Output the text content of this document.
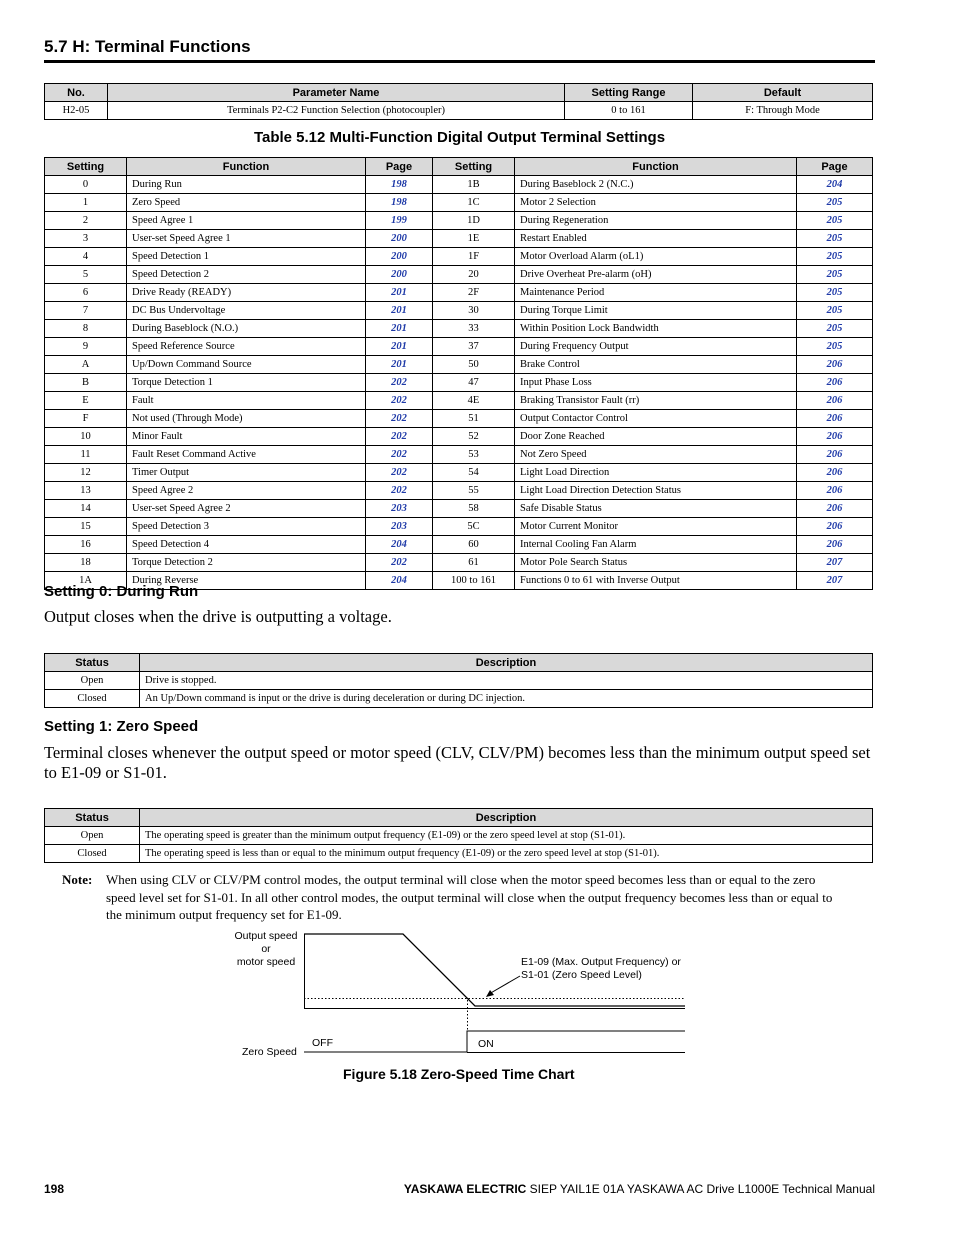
5.7 H: Terminal Functions
No.	Parameter Name	Setting Range	Default
H2-05	Terminals P2-C2 Function Selection (photocoupler)	0 to 161	F: Through Mode
Table 5.12 Multi-Function Digital Output Terminal Settings
Setting	Function	Page	Setting	Function	Page
0	During Run	198	1B	During Baseblock 2 (N.C.)	204
1	Zero Speed	198	1C	Motor 2 Selection	205
2	Speed Agree 1	199	1D	During Regeneration	205
3	User-set Speed Agree 1	200	1E	Restart Enabled	205
4	Speed Detection 1	200	1F	Motor Overload Alarm (oL1)	205
5	Speed Detection 2	200	20	Drive Overheat Pre-alarm (oH)	205
6	Drive Ready (READY)	201	2F	Maintenance Period	205
7	DC Bus Undervoltage	201	30	During Torque Limit	205
8	During Baseblock (N.O.)	201	33	Within Position Lock Bandwidth	205
9	Speed Reference Source	201	37	During Frequency Output	205
A	Up/Down Command Source	201	50	Brake Control	206
B	Torque Detection 1	202	47	Input Phase Loss	206
E	Fault	202	4E	Braking Transistor Fault (rr)	206
F	Not used (Through Mode)	202	51	Output Contactor Control	206
10	Minor Fault	202	52	Door Zone Reached	206
11	Fault Reset Command Active	202	53	Not Zero Speed	206
12	Timer Output	202	54	Light Load Direction	206
13	Speed Agree 2	202	55	Light Load Direction Detection Status	206
14	User-set Speed Agree 2	203	58	Safe Disable Status	206
15	Speed Detection 3	203	5C	Motor Current Monitor	206
16	Speed Detection 4	204	60	Internal Cooling Fan Alarm	206
18	Torque Detection 2	202	61	Motor Pole Search Status	207
1A	During Reverse	204	100 to 161	Functions 0 to 61 with Inverse Output	207
Setting 0: During Run
Output closes when the drive is outputting a voltage.
Status	Description
Open	Drive is stopped.
Closed	An Up/Down command is input or the drive is during deceleration or during DC injection.
Setting 1: Zero Speed
Terminal closes whenever the output speed or motor speed (CLV, CLV/PM) becomes less than the minimum output speed set to E1-09 or S1-01.
Status	Description
Open	The operating speed is greater than the minimum output frequency (E1-09) or the zero speed level at stop (S1-01).
Closed	The operating speed is less than or equal to the minimum output frequency (E1-09) or the zero speed level at stop (S1-01).
Note: When using CLV or CLV/PM control modes, the output terminal will close when the motor speed becomes less than or equal to the zero speed level set for S1-01. In all other control modes, the output terminal will close when the output frequency becomes less than or equal to the minimum output frequency set for E1-09.
Output speed
or
motor speed	E1-09 (Max. Output Frequency) or
S1-01 (Zero Speed Level)
OFF	ON
Zero Speed
Figure 5.18 Zero-Speed Time Chart
198	YASKAWA ELECTRIC SIEP YAIL1E 01A YASKAWA AC Drive L1000E Technical Manual
